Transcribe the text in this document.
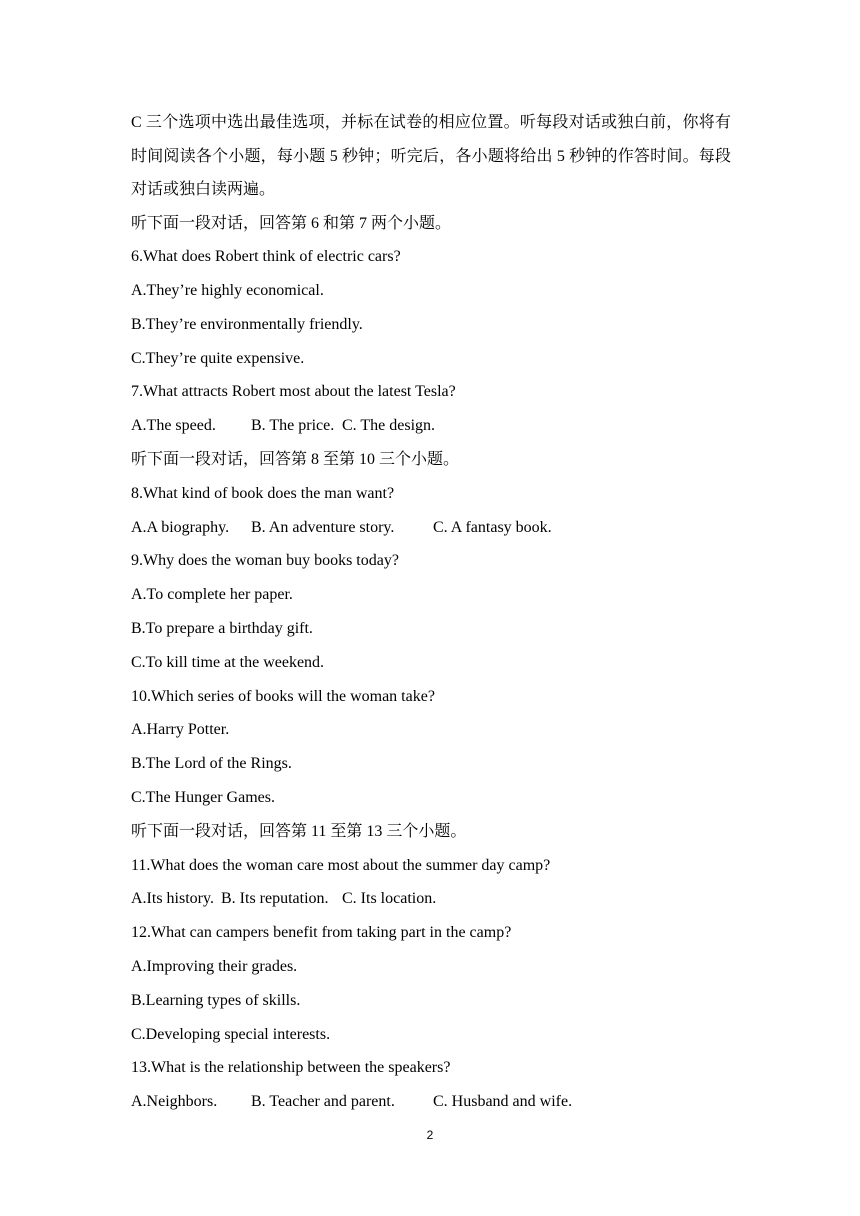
C 三个选项中选出最佳选项，并标在试卷的相应位置。听每段对话或独白前，你将有时间阅读各个小题，每小题 5 秒钟；听完后，各小题将给出 5 秒钟的作答时间。每段对话或独白读两遍。

听下面一段对话，回答第 6 和第 7 两个小题。

6.What does Robert think of electric cars?

A.They’re highly economical.

B.They’re environmentally friendly.

C.They’re quite expensive.

7.What attracts Robert most about the latest Tesla?

A.The speed. B. The price. C. The design.

听下面一段对话，回答第 8 至第 10 三个小题。

8.What kind of book does the man want?

A.A biography. B. An adventure story. C. A fantasy book.

9.Why does the woman buy books today?

A.To complete her paper.

B.To prepare a birthday gift.

C.To kill time at the weekend.

10.Which series of books will the woman take?

A.Harry Potter.

B.The Lord of the Rings.

C.The Hunger Games.

听下面一段对话，回答第 11 至第 13 三个小题。

11.What does the woman care most about the summer day camp?

A.Its history. B. Its reputation. C. Its location.

12.What can campers benefit from taking part in the camp?

A.Improving their grades.

B.Learning types of skills.

C.Developing special interests.

13.What is the relationship between the speakers?

A.Neighbors. B. Teacher and parent. C. Husband and wife.
2
